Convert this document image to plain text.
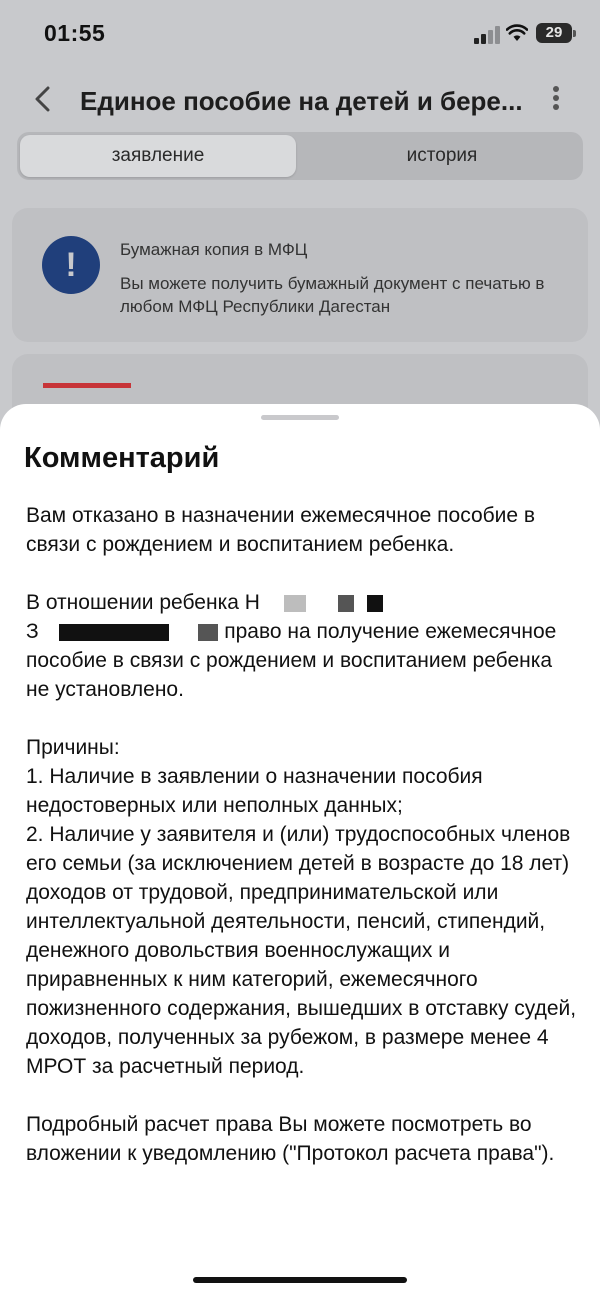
01:55	29
Единое пособие на детей и бере...
заявление	история
!	Бумажная копия в МФЦ
Вы можете получить бумажный документ с печатью в любом МФЦ Республики Дагестан
Комментарий
Вам отказано в назначении ежемесячное пособие в связи с рождением и воспитанием ребенка.
В отношении ребенка Н
З	право на получение ежемесячное пособие в связи с рождением и воспитанием ребенка не установлено.
Причины:
1. Наличие в заявлении о назначении пособия недостоверных или неполных данных;
2. Наличие у заявителя и (или) трудоспособных членов его семьи (за исключением детей в возрасте до 18 лет) доходов от трудовой, предпринимательской или интеллектуальной деятельности, пенсий, стипендий, денежного довольствия военнослужащих и приравненных к ним категорий, ежемесячного пожизненного содержания, вышедших в отставку судей, доходов, полученных за рубежом, в размере менее 4 МРОТ за расчетный период.
Подробный расчет права Вы можете посмотреть во вложении к уведомлению ("Протокол расчета права").
